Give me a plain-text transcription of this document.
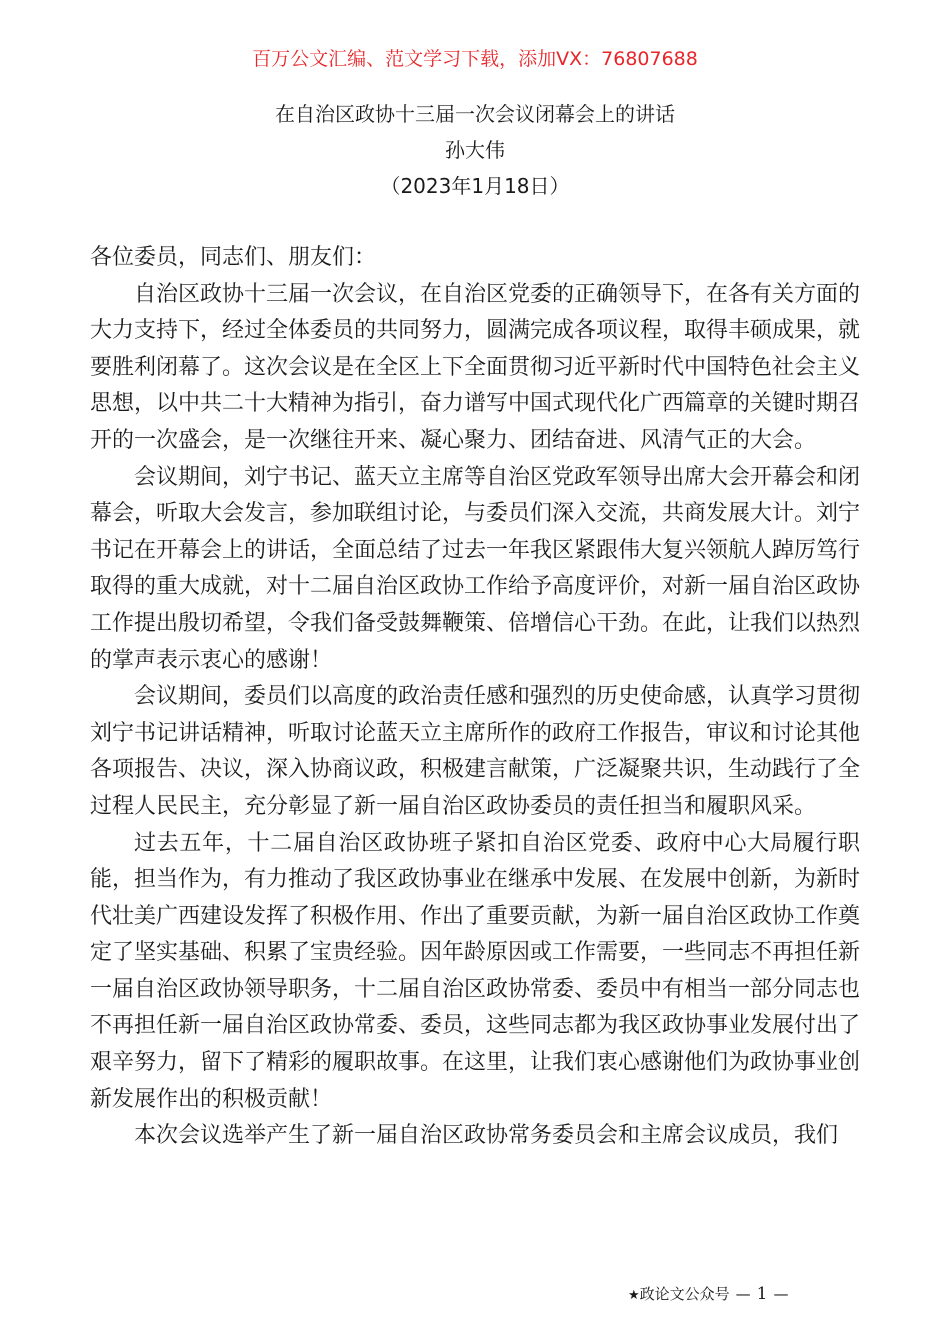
百万公文汇编、范文学习下载，添加VX：76807688
在自治区政协十三届一次会议闭幕会上的讲话
孙大伟
（2023年1月18日）

各位委员，同志们、朋友们：

自治区政协十三届一次会议，在自治区党委的正确领导下，在各有关方面的大力支持下，经过全体委员的共同努力，圆满完成各项议程，取得丰硕成果，就要胜利闭幕了。这次会议是在全区上下全面贯彻习近平新时代中国特色社会主义思想，以中共二十大精神为指引，奋力谱写中国式现代化广西篇章的关键时期召开的一次盛会，是一次继往开来、凝心聚力、团结奋进、风清气正的大会。

会议期间，刘宁书记、蓝天立主席等自治区党政军领导出席大会开幕会和闭幕会，听取大会发言，参加联组讨论，与委员们深入交流，共商发展大计。刘宁书记在开幕会上的讲话，全面总结了过去一年我区紧跟伟大复兴领航人踔厉笃行取得的重大成就，对十二届自治区政协工作给予高度评价，对新一届自治区政协工作提出殷切希望，令我们备受鼓舞鞭策、倍增信心干劲。在此，让我们以热烈的掌声表示衷心的感谢！

会议期间，委员们以高度的政治责任感和强烈的历史使命感，认真学习贯彻刘宁书记讲话精神，听取讨论蓝天立主席所作的政府工作报告，审议和讨论其他各项报告、决议，深入协商议政，积极建言献策，广泛凝聚共识，生动践行了全过程人民民主，充分彰显了新一届自治区政协委员的责任担当和履职风采。

过去五年，十二届自治区政协班子紧扣自治区党委、政府中心大局履行职能，担当作为，有力推动了我区政协事业在继承中发展、在发展中创新，为新时代壮美广西建设发挥了积极作用、作出了重要贡献，为新一届自治区政协工作奠定了坚实基础、积累了宝贵经验。因年龄原因或工作需要，一些同志不再担任新一届自治区政协领导职务，十二届自治区政协常委、委员中有相当一部分同志也不再担任新一届自治区政协常委、委员，这些同志都为我区政协事业发展付出了艰辛努力，留下了精彩的履职故事。在这里，让我们衷心感谢他们为政协事业创新发展作出的积极贡献！

本次会议选举产生了新一届自治区政协常务委员会和主席会议成员，我们

★政论文公众号 — 1 —
